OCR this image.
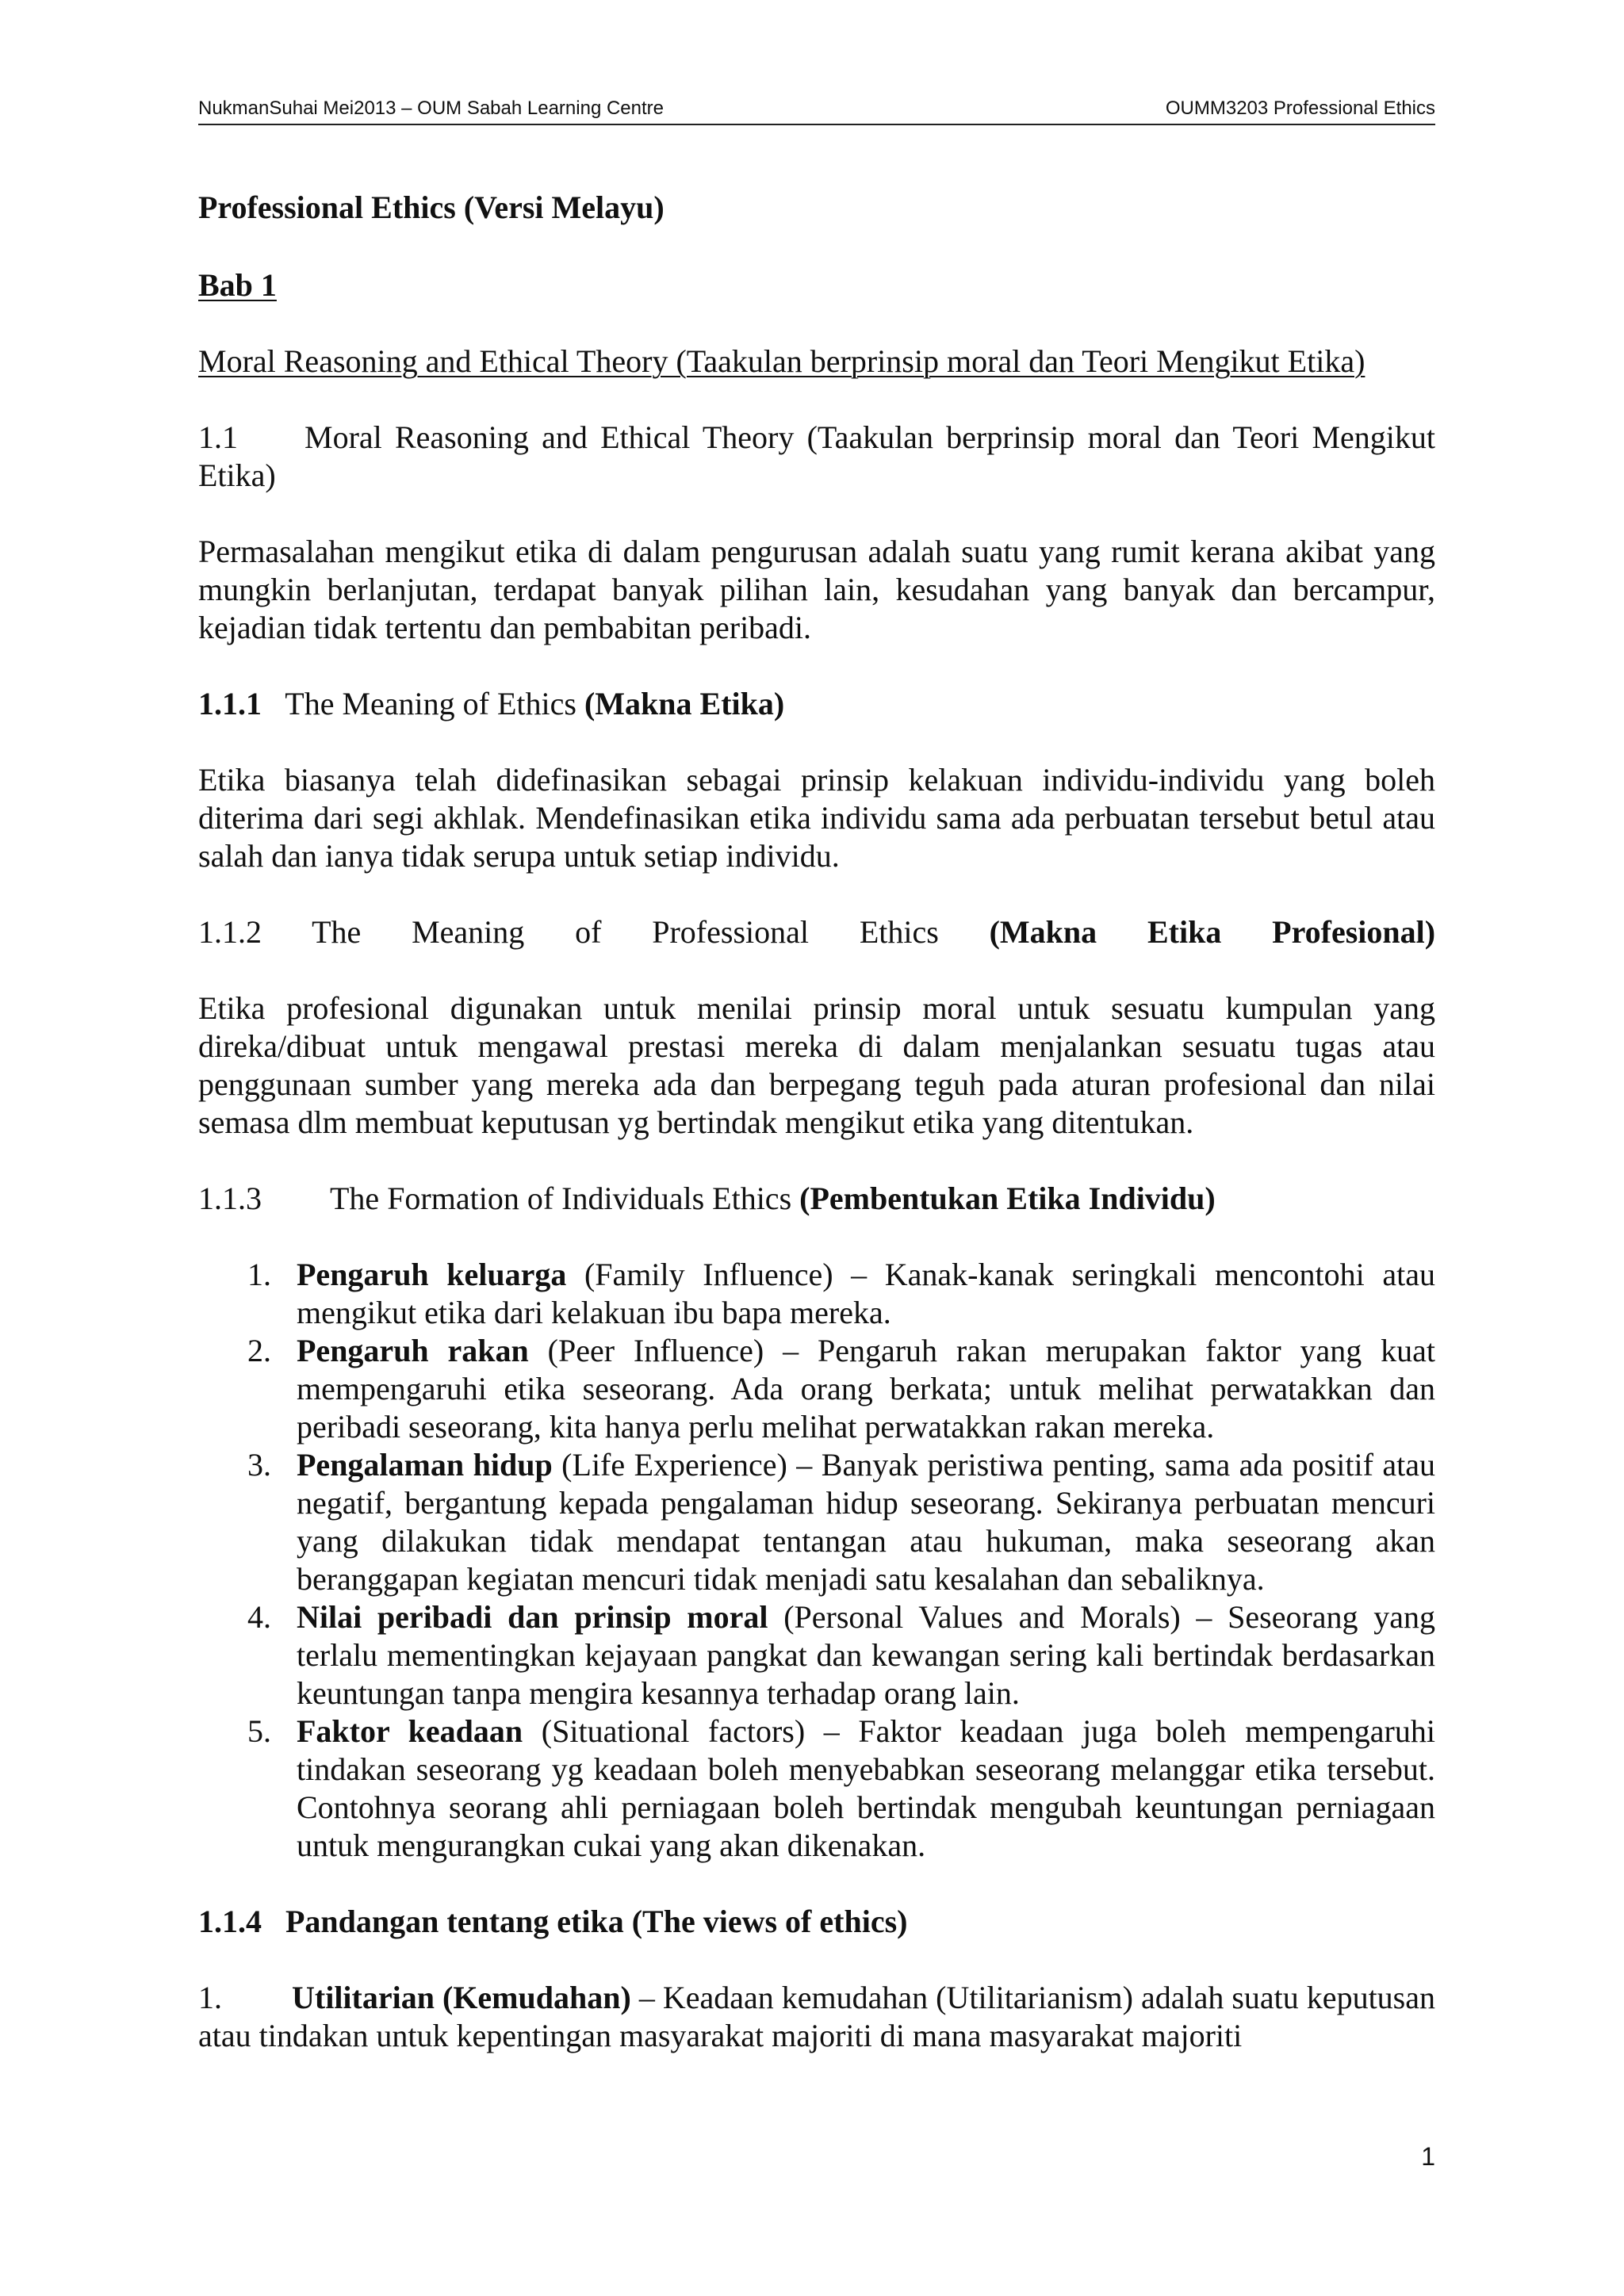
NukmanSuhai Mei2013 – OUM Sabah Learning Centre	OUMM3203 Professional Ethics

Professional Ethics (Versi Melayu)

Bab 1

Moral Reasoning and Ethical Theory (Taakulan berprinsip moral dan Teori Mengikut Etika)

1.1 Moral Reasoning and Ethical Theory (Taakulan berprinsip moral dan Teori Mengikut Etika)

Permasalahan mengikut etika di dalam pengurusan adalah suatu yang rumit kerana akibat yang mungkin berlanjutan, terdapat banyak pilihan lain, kesudahan yang banyak dan bercampur, kejadian tidak tertentu dan pembabitan peribadi.

1.1.1 The Meaning of Ethics (Makna Etika)

Etika biasanya telah didefinasikan sebagai prinsip kelakuan individu-individu yang boleh diterima dari segi akhlak. Mendefinasikan etika individu sama ada perbuatan tersebut betul atau salah dan ianya tidak serupa untuk setiap individu.

1.1.2 The Meaning of Professional Ethics (Makna Etika Profesional)

Etika profesional digunakan untuk menilai prinsip moral untuk sesuatu kumpulan yang direka/dibuat untuk mengawal prestasi mereka di dalam menjalankan sesuatu tugas atau penggunaan sumber yang mereka ada dan berpegang teguh pada aturan profesional dan nilai semasa dlm membuat keputusan yg bertindak mengikut etika yang ditentukan.

1.1.3 The Formation of Individuals Ethics (Pembentukan Etika Individu)

1. Pengaruh keluarga (Family Influence) – Kanak-kanak seringkali mencontohi atau mengikut etika dari kelakuan ibu bapa mereka.
2. Pengaruh rakan (Peer Influence) – Pengaruh rakan merupakan faktor yang kuat mempengaruhi etika seseorang. Ada orang berkata; untuk melihat perwatakkan dan peribadi seseorang, kita hanya perlu melihat perwatakkan rakan mereka.
3. Pengalaman hidup (Life Experience) – Banyak peristiwa penting, sama ada positif atau negatif, bergantung kepada pengalaman hidup seseorang. Sekiranya perbuatan mencuri yang dilakukan tidak mendapat tentangan atau hukuman, maka seseorang akan beranggapan kegiatan mencuri tidak menjadi satu kesalahan dan sebaliknya.
4. Nilai peribadi dan prinsip moral (Personal Values and Morals) – Seseorang yang terlalu mementingkan kejayaan pangkat dan kewangan sering kali bertindak berdasarkan keuntungan tanpa mengira kesannya terhadap orang lain.
5. Faktor keadaan (Situational factors) – Faktor keadaan juga boleh mempengaruhi tindakan seseorang yg keadaan boleh menyebabkan seseorang melanggar etika tersebut. Contohnya seorang ahli perniagaan boleh bertindak mengubah keuntungan perniagaan untuk mengurangkan cukai yang akan dikenakan.

1.1.4   Pandangan tentang etika (The views of ethics)

1. Utilitarian (Kemudahan) – Keadaan kemudahan (Utilitarianism) adalah suatu keputusan atau tindakan untuk kepentingan masyarakat majoriti di mana masyarakat majoriti

1
